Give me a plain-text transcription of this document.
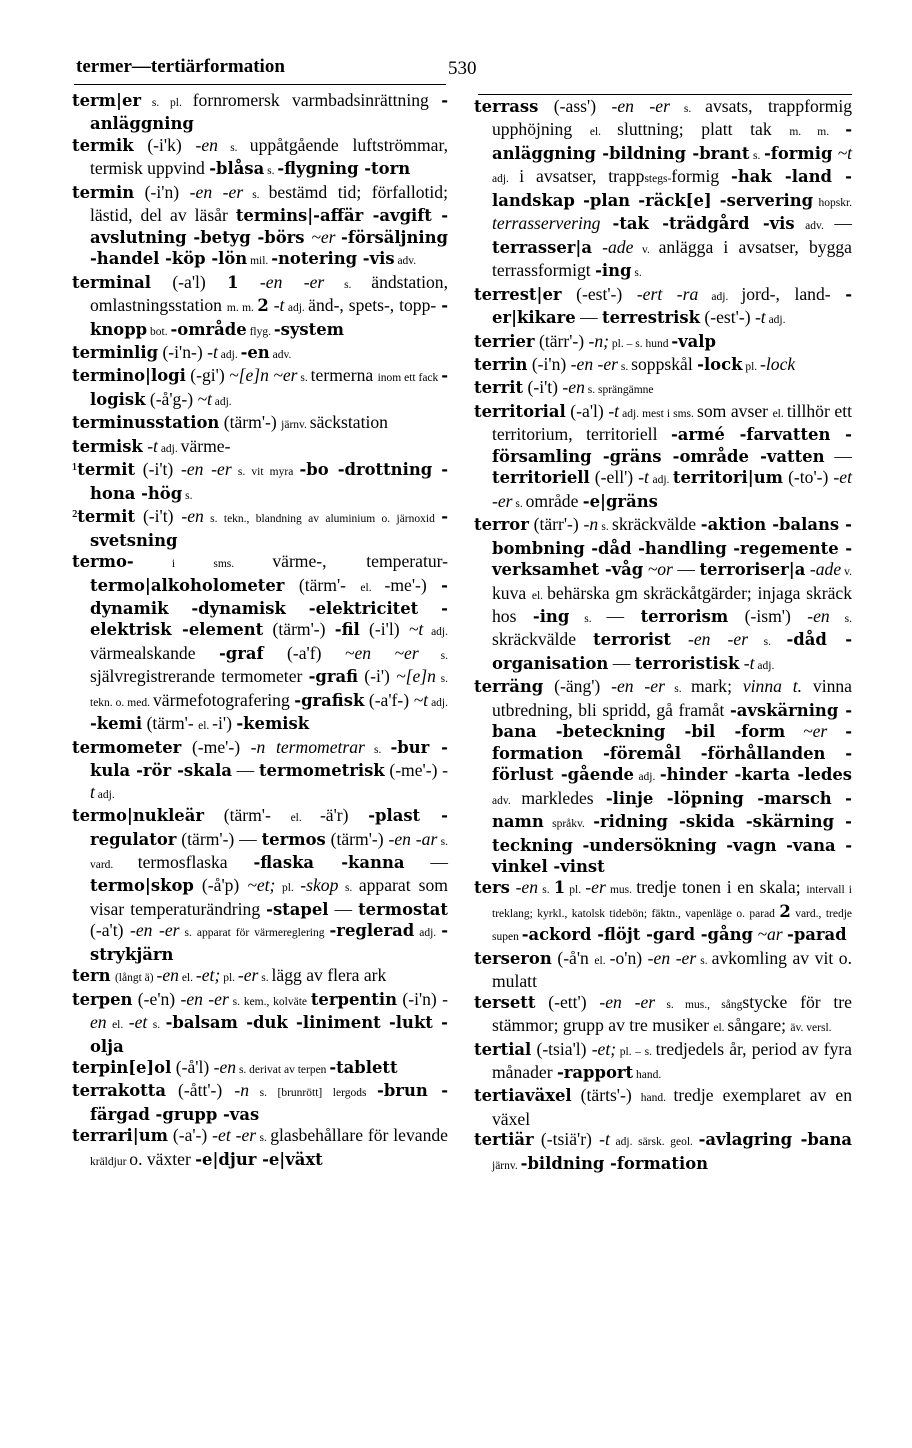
termer—tertiärformation	530
term|er s. pl. fornromersk varmbadsinrättning -anläggning
termik (-i'k) -en s. uppåtgående luftströmmar, termisk uppvind -blåsa s. -flygning -torn
termin (-i'n) -en -er s. bestämd tid; förfallotid; lästid, del av läsår termins|-affär -avgift -avslutning -betyg -börs ~er -försäljning -handel -köp -lön mil. -notering -vis adv.
terminal (-a'l) 1 -en -er s. ändstation, omlastningsstation m. m. 2 -t adj. änd-, spets-, topp- -knopp bot. -område flyg. -system
terminlig (-i'n-) -t adj. -en adv.
termino|logi (-gi') ~[e]n ~er s. termerna inom ett fack -logisk (-å'g-) ~t adj.
terminusstation (tärm'-) järnv. säckstation
termisk -t adj. värme-
¹termit (-i't) -en -er s. vit myra -bo -drottning -hona -hög s.
²termit (-i't) -en s. tekn., blandning av aluminium o. järnoxid -svetsning
termo- i sms. värme-, temperatur- termo|alkoholometer (tärm'- el. -me'-) -dynamik -dynamisk -elektricitet -elektrisk -element (tärm'-) -fil (-i'l) ~t adj. värmealskande -graf (-a'f) ~en ~er s. självregistrerande termometer -grafi (-i') ~[e]n s. tekn. o. med. värmefotografering -grafisk (-a'f-) ~t adj. -kemi (tärm'- el. -i') -kemisk
termometer (-me'-) -n termometrar s. -bur -kula -rör -skala — termometrisk (-me'-) -t adj.
termo|nukleär (tärm'- el. -ä'r) -plast -regulator (tärm'-) — termos (tärm'-) -en -ar s. vard. termosflaska -flaska -kanna — termo|skop (-å'p) ~et; pl. -skop s. apparat som visar temperaturändring -stapel — termostat (-a't) -en -er s. apparat för värmereglering -reglerad adj. -strykjärn
tern (långt ä) -en el. -et; pl. -er s. lägg av flera ark
terpen (-e'n) -en -er s. kem., kolväte terpentin (-i'n) -en el. -et s. -balsam -duk -liniment -lukt -olja
terpin[e]ol (-å'l) -en s. derivat av terpen -tablett
terrakotta (-ått'-) -n s. [brunrött] lergods -brun -färgad -grupp -vas
terrari|um (-a'-) -et -er s. glasbehållare för levande kräldjur o. växter -e|djur -e|växt
terrass (-ass') -en -er s. avsats, trappformig upphöjning el. sluttning; platt tak m. m. -anläggning -bildning -brant s. -formig ~t adj. i avsatser, trappstegs-formig -hak -land -landskap -plan -räck[e] -servering hopskr. terrasservering -tak -trädgård -vis adv. — terrasser|a -ade v. anlägga i avsatser, bygga terrassformigt -ing s.
terrest|er (-est'-) -ert -ra adj. jord-, land- -er|kikare — terrestrisk (-est'-) -t adj.
terrier (tärr'-) -n; pl. – s. hund -valp
terrin (-i'n) -en -er s. soppskål -lock pl. -lock
territ (-i't) -en s. sprängämne
territorial (-a'l) -t adj. mest i sms. som avser el. tillhör ett territorium, territoriell -armé -farvatten -församling -gräns -område -vatten — territoriell (-ell') -t adj. territori|um (-to'-) -et -er s. område -e|gräns
terror (tärr'-) -n s. skräckvälde -aktion -balans -bombning -dåd -handling -regemente -verksamhet -våg ~or — terroriser|a -ade v. kuva el. behärska gm skräckåtgärder; injaga skräck hos -ing s. — terrorism (-ism') -en s. skräckvälde terrorist -en -er s. -dåd -organisation — terroristisk -t adj.
terräng (-äng') -en -er s. mark; vinna t. vinna utbredning, bli spridd, gå framåt -avskärning -bana -beteckning -bil -form ~er -formation -föremål -förhållanden -förlust -gående adj. -hinder -karta -ledes adv. markledes -linje -löpning -marsch -namn språkv. -ridning -skida -skärning -teckning -undersökning -vagn -vana -vinkel -vinst
ters -en s. 1 pl. -er mus. tredje tonen i en skala; intervall i treklang; kyrkl., katolsk tidebön; fäktn., vapenläge o. parad 2 vard., tredje supen -ackord -flöjt -gard -gång ~ar -parad
terseron (-å'n el. -o'n) -en -er s. avkomling av vit o. mulatt
tersett (-ett') -en -er s. mus., sångstycke för tre stämmor; grupp av tre musiker el. sångare; äv. versl.
tertial (-tsia'l) -et; pl. – s. tredjedels år, period av fyra månader -rapport hand.
tertiaväxel (tärts'-) hand. tredje exemplaret av en växel
tertiär (-tsiä'r) -t adj. särsk. geol. -avlagring -bana järnv. -bildning -formation
